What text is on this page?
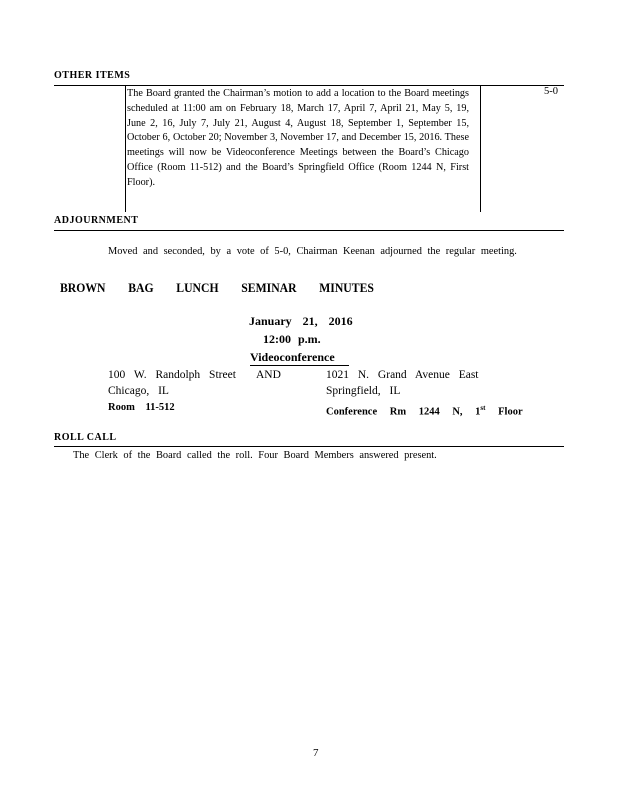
OTHER ITEMS
The Board granted the Chairman’s motion to add a location to the Board meetings scheduled at 11:00 am on February 18, March 17, April 7, April 21, May 5, 19, June 2, 16, July 7, July 21, August 4, August 18, September 1, September 15, October 6, October 20; November 3, November 17, and December 15, 2016. These meetings will now be Videoconference Meetings between the Board’s Chicago Office (Room 11-512) and the Board’s Springfield Office (Room 1244 N, First Floor).
5-0
ADJOURNMENT
Moved and seconded, by a vote of 5-0, Chairman Keenan adjourned the regular meeting.
BROWN BAG LUNCH SEMINAR MINUTES
January 21, 2016
12:00 p.m.
Videoconference
100 W. Randolph Street AND
Chicago, IL
Room 11-512
1021 N. Grand Avenue East
Springfield, IL
Conference Rm 1244 N, 1st Floor
ROLL CALL
The Clerk of the Board called the roll. Four Board Members answered present.
7
